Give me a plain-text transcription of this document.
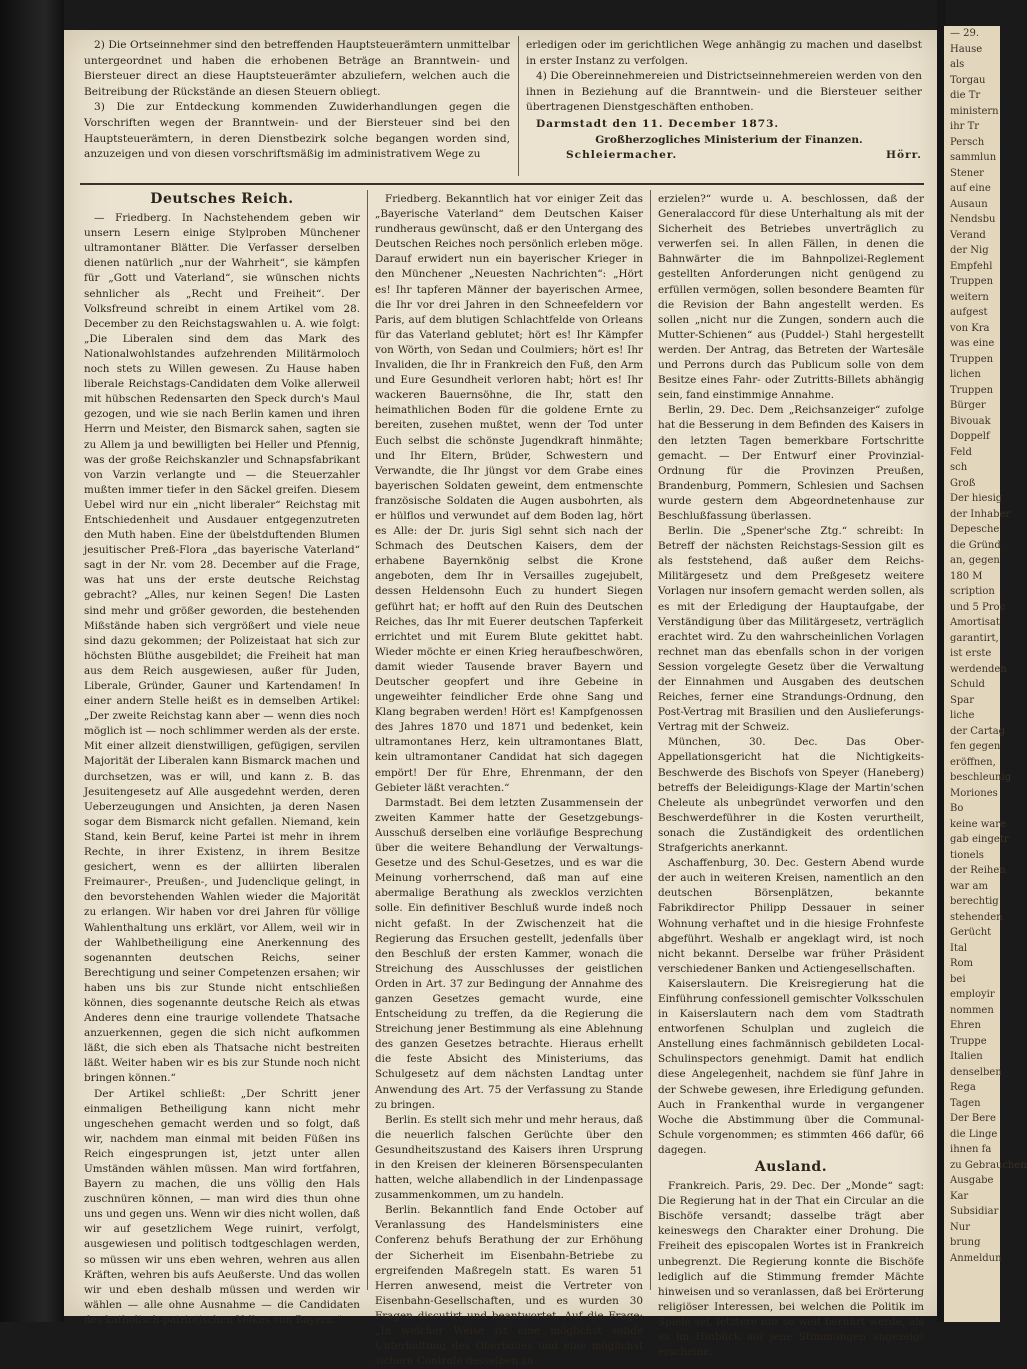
2) Die Ortseinnehmer sind den betreffenden Hauptsteuerämtern unmittelbar untergeordnet und haben die erhobenen Beträge an Branntwein- und Biersteuer direct an diese Hauptsteuerämter abzuliefern, welchen auch die Beitreibung der Rückstände an diesen Steuern obliegt.

3) Die zur Entdeckung kommenden Zuwiderhandlungen gegen die Vorschriften wegen der Branntwein- und der Biersteuer sind bei den Hauptsteuerämtern, in deren Dienstbezirk solche begangen worden sind, anzuzeigen und von diesen vorschriftsmäßig im administrativem Wege zu

erledigen oder im gerichtlichen Wege anhängig zu machen und daselbst in erster Instanz zu verfolgen.

4) Die Obereinnehmereien und Districtseinnehmereien werden von den ihnen in Beziehung auf die Branntwein- und die Biersteuer seither übertragenen Dienstgeschäften enthoben.

Darmstadt den 11. December 1873.

Großherzogliches Ministerium der Finanzen.

Schleiermacher.	Hörr.
Deutsches Reich.

— Friedberg. In Nachstehendem geben wir unsern Lesern einige Stylproben Münchener ultramontaner Blätter. Die Verfasser derselben dienen natürlich „nur der Wahrheit“, sie kämpfen für „Gott und Vaterland“, sie wünschen nichts sehnlicher als „Recht und Freiheit“. Der Volksfreund schreibt in einem Artikel vom 28. December zu den Reichstagswahlen u. A. wie folgt: „Die Liberalen sind dem das Mark des Nationalwohlstandes aufzehrenden Militärmoloch noch stets zu Willen gewesen. Zu Hause haben liberale Reichstags-Candidaten dem Volke allerweil mit hübschen Redensarten den Speck durch's Maul gezogen, und wie sie nach Berlin kamen und ihren Herrn und Meister, den Bismarck sahen, sagten sie zu Allem ja und bewilligten bei Heller und Pfennig, was der große Reichskanzler und Schnapsfabrikant von Varzin verlangte und — die Steuerzahler mußten immer tiefer in den Säckel greifen. Diesem Uebel wird nur ein „nicht liberaler“ Reichstag mit Entschiedenheit und Ausdauer entgegenzutreten den Muth haben. Eine der übelstduftenden Blumen jesuitischer Preß-Flora „das bayerische Vaterland“ sagt in der Nr. vom 28. December auf die Frage, was hat uns der erste deutsche Reichstag gebracht? „Alles, nur keinen Segen! Die Lasten sind mehr und größer geworden, die bestehenden Mißstände haben sich vergrößert und viele neue sind dazu gekommen; der Polizeistaat hat sich zur höchsten Blüthe ausgebildet; die Freiheit hat man aus dem Reich ausgewiesen, außer für Juden, Liberale, Gründer, Gauner und Kartendamen! In einer andern Stelle heißt es in demselben Artikel: „Der zweite Reichstag kann aber — wenn dies noch möglich ist — noch schlimmer werden als der erste. Mit einer allzeit dienstwilligen, gefügigen, servilen Majorität der Liberalen kann Bismarck machen und durchsetzen, was er will, und kann z. B. das Jesuitengesetz auf Alle ausgedehnt werden, deren Ueberzeugungen und Ansichten, ja deren Nasen sogar dem Bismarck nicht gefallen. Niemand, kein Stand, kein Beruf, keine Partei ist mehr in ihrem Rechte, in ihrer Existenz, in ihrem Besitze gesichert, wenn es der alliirten liberalen Freimaurer-, Preußen-, und Judenclique gelingt, in den bevorstehenden Wahlen wieder die Majorität zu erlangen. Wir haben vor drei Jahren für völlige Wahlenthaltung uns erklärt, vor Allem, weil wir in der Wahlbetheiligung eine Anerkennung des sogenannten deutschen Reichs, seiner Berechtigung und seiner Competenzen ersahen; wir haben uns bis zur Stunde nicht entschließen können, dies sogenannte deutsche Reich als etwas Anderes denn eine traurige vollendete Thatsache anzuerkennen, gegen die sich nicht aufkommen läßt, die sich eben als Thatsache nicht bestreiten läßt. Weiter haben wir es bis zur Stunde noch nicht bringen können.“

Der Artikel schließt: „Der Schritt jener einmaligen Betheiligung kann nicht mehr ungeschehen gemacht werden und so folgt, daß wir, nachdem man einmal mit beiden Füßen ins Reich eingesprungen ist, jetzt unter allen Umständen wählen müssen. Man wird fortfahren, Bayern zu machen, die uns völlig den Hals zuschnüren können, — man wird dies thun ohne uns und gegen uns. Wenn wir dies nicht wollen, daß wir auf gesetzlichem Wege ruinirt, verfolgt, ausgewiesen und politisch todtgeschlagen werden, so müssen wir uns eben wehren, wehren aus allen Kräften, wehren bis aufs Aeußerste. Und das wollen wir und eben deshalb müssen und werden wir wählen — alle ohne Ausnahme — die Candidaten des katholisch-patriotischen Volkes von Bayern.“

Friedberg. Bekanntlich hat vor einiger Zeit das „Bayerische Vaterland“ dem Deutschen Kaiser rundheraus gewünscht, daß er den Untergang des Deutschen Reiches noch persönlich erleben möge. Darauf erwidert nun ein bayerischer Krieger in den Münchener „Neuesten Nachrichten“: „Hört es! Ihr tapferen Männer der bayerischen Armee, die Ihr vor drei Jahren in den Schneefeldern vor Paris, auf dem blutigen Schlachtfelde von Orleans für das Vaterland geblutet; hört es! Ihr Kämpfer von Wörth, von Sedan und Coulmiers; hört es! Ihr Invaliden, die Ihr in Frankreich den Fuß, den Arm und Eure Gesundheit verloren habt; hört es! Ihr wackeren Bauernsöhne, die Ihr, statt den heimathlichen Boden für die goldene Ernte zu bereiten, zusehen mußtet, wenn der Tod unter Euch selbst die schönste Jugendkraft hinmähte; und Ihr Eltern, Brüder, Schwestern und Verwandte, die Ihr jüngst vor dem Grabe eines bayerischen Soldaten geweint, dem entmenschte französische Soldaten die Augen ausbohrten, als er hülflos und verwundet auf dem Boden lag, hört es Alle: der Dr. juris Sigl sehnt sich nach der Schmach des Deutschen Kaisers, dem der erhabene Bayernkönig selbst die Krone angeboten, dem Ihr in Versailles zugejubelt, dessen Heldensohn Euch zu hundert Siegen geführt hat; er hofft auf den Ruin des Deutschen Reiches, das Ihr mit Euerer deutschen Tapferkeit errichtet und mit Eurem Blute gekittet habt. Wieder möchte er einen Krieg heraufbeschwören, damit wieder Tausende braver Bayern und Deutscher geopfert und ihre Gebeine in ungeweihter feindlicher Erde ohne Sang und Klang begraben werden! Hört es! Kampfgenossen des Jahres 1870 und 1871 und bedenket, kein ultramontanes Herz, kein ultramontanes Blatt, kein ultramontaner Candidat hat sich dagegen empört! Der für Ehre, Ehrenmann, der den Gebieter läßt verachten.“

Darmstadt. Bei dem letzten Zusammensein der zweiten Kammer hatte der Gesetzgebungs-Ausschuß derselben eine vorläufige Besprechung über die weitere Behandlung der Verwaltungs-Gesetze und des Schul-Gesetzes, und es war die Meinung vorherrschend, daß man auf eine abermalige Berathung als zwecklos verzichten solle. Ein definitiver Beschluß wurde indeß noch nicht gefaßt. In der Zwischenzeit hat die Regierung das Ersuchen gestellt, jedenfalls über den Beschluß der ersten Kammer, wonach die Streichung des Ausschlusses der geistlichen Orden in Art. 37 zur Bedingung der Annahme des ganzen Gesetzes gemacht wurde, eine Entscheidung zu treffen, da die Regierung die Streichung jener Bestimmung als eine Ablehnung des ganzen Gesetzes betrachte. Hieraus erhellt die feste Absicht des Ministeriums, das Schulgesetz auf dem nächsten Landtag unter Anwendung des Art. 75 der Verfassung zu Stande zu bringen.

Berlin. Es stellt sich mehr und mehr heraus, daß die neuerlich falschen Gerüchte über den Gesundheitszustand des Kaisers ihren Ursprung in den Kreisen der kleineren Börsenspeculanten hatten, welche allabendlich in der Lindenpassage zusammenkommen, um zu handeln.

Berlin. Bekanntlich fand Ende October auf Veranlassung des Handelsministers eine Conferenz behufs Berathung der zur Erhöhung der Sicherheit im Eisenbahn-Betriebe zu ergreifenden Maßregeln statt. Es waren 51 Herren anwesend, meist die Vertreter von Eisenbahn-Gesellschaften, und es wurden 30 Fragen discutirt und beantwortet. Auf die Frage: „In welcher Weise ist eine möglichst solide Unterhaltung des Oberbaues und eine möglichst sichere Controle desselben zu

erzielen?“ wurde u. A. beschlossen, daß der Generalaccord für diese Unterhaltung als mit der Sicherheit des Betriebes unverträglich zu verwerfen sei. In allen Fällen, in denen die Bahnwärter die im Bahnpolizei-Reglement gestellten Anforderungen nicht genügend zu erfüllen vermögen, sollen besondere Beamten für die Revision der Bahn angestellt werden. Es sollen „nicht nur die Zungen, sondern auch die Mutter-Schienen“ aus (Puddel-) Stahl hergestellt werden. Der Antrag, das Betreten der Wartesäle und Perrons durch das Publicum solle von dem Besitze eines Fahr- oder Zutritts-Billets abhängig sein, fand einstimmige Annahme.

Berlin, 29. Dec. Dem „Reichsanzeiger“ zufolge hat die Besserung in dem Befinden des Kaisers in den letzten Tagen bemerkbare Fortschritte gemacht. — Der Entwurf einer Provinzial-Ordnung für die Provinzen Preußen, Brandenburg, Pommern, Schlesien und Sachsen wurde gestern dem Abgeordnetenhause zur Beschlußfassung überlassen.

Berlin. Die „Spener'sche Ztg.“ schreibt: In Betreff der nächsten Reichstags-Session gilt es als feststehend, daß außer dem Reichs-Militärgesetz und dem Preßgesetz weitere Vorlagen nur insofern gemacht werden sollen, als es mit der Erledigung der Hauptaufgabe, der Verständigung über das Militärgesetz, verträglich erachtet wird. Zu den wahrscheinlichen Vorlagen rechnet man das ebenfalls schon in der vorigen Session vorgelegte Gesetz über die Verwaltung der Einnahmen und Ausgaben des deutschen Reiches, ferner eine Strandungs-Ordnung, den Post-Vertrag mit Brasilien und den Auslieferungs-Vertrag mit der Schweiz.

München, 30. Dec. Das Ober-Appellationsgericht hat die Nichtigkeits-Beschwerde des Bischofs von Speyer (Haneberg) betreffs der Beleidigungs-Klage der Martin'schen Cheleute als unbegründet verworfen und den Beschwerdeführer in die Kosten verurtheilt, sonach die Zuständigkeit des ordentlichen Strafgerichts anerkannt.

Aschaffenburg, 30. Dec. Gestern Abend wurde der auch in weiteren Kreisen, namentlich an den deutschen Börsenplätzen, bekannte Fabrikdirector Philipp Dessauer in seiner Wohnung verhaftet und in die hiesige Frohnfeste abgeführt. Weshalb er angeklagt wird, ist noch nicht bekannt. Derselbe war früher Präsident verschiedener Banken und Actiengesellschaften.

Kaiserslautern. Die Kreisregierung hat die Einführung confessionell gemischter Volksschulen in Kaiserslautern nach dem vom Stadtrath entworfenen Schulplan und zugleich die Anstellung eines fachmännisch gebildeten Local-Schulinspectors genehmigt. Damit hat endlich diese Angelegenheit, nachdem sie fünf Jahre in der Schwebe gewesen, ihre Erledigung gefunden. Auch in Frankenthal wurde in vergangener Woche die Abstimmung über die Communal-Schule vorgenommen; es stimmten 466 dafür, 66 dagegen.

Ausland.

Frankreich. Paris, 29. Dec. Der „Monde“ sagt: Die Regierung hat in der That ein Circular an die Bischöfe versandt; dasselbe trägt aber keineswegs den Charakter einer Drohung. Die Freiheit des episcopalen Wortes ist in Frankreich unbegrenzt. Die Regierung konnte die Bischöfe lediglich auf die Stimmung fremder Mächte hinweisen und so veranlassen, daß bei Erörterung religiöser Interessen, bei welchen die Politik im Spiele sei, letztere nur so weit berührt werde, als es im Hinblick auf jene Stimmungen angezeigt erscheine.

— 29.
Hause
als
Torgau
die Tr
ministern
ihr Tr
Persch
sammlun
Stener
auf eine
Ausaun
Nendsbu
Verand
der Nig
Empfehl
Truppen
weitern
aufgest
von Kra
was eine
Truppen
lichen
Truppen
Bürger
Bivouak
Doppelf
Feld
sch
Groß
Der hiesig
der Inhaber
Depesche
die Gründ
an, gegen
180 M
scription
und 5 Proc
Amortisat
garantirt,
ist erste
werdenden
Schuld
Spar
liche
der Cartag
fen gegen
eröffnen,
beschleunig
Moriones
Bo
keine ware
gab eingetr
tionels
der Reihen
war am
berechtig
stehenden
Gerücht
Ital
Rom
bei
employir
nommen
Ehren
Truppe
Italien
denselben
Rega
Tagen
Der Bere
die Linge
ihnen fa
zu Gebrauchen
Ausgabe
Kar
Subsidiar
Nur
brung
Anmeldun
